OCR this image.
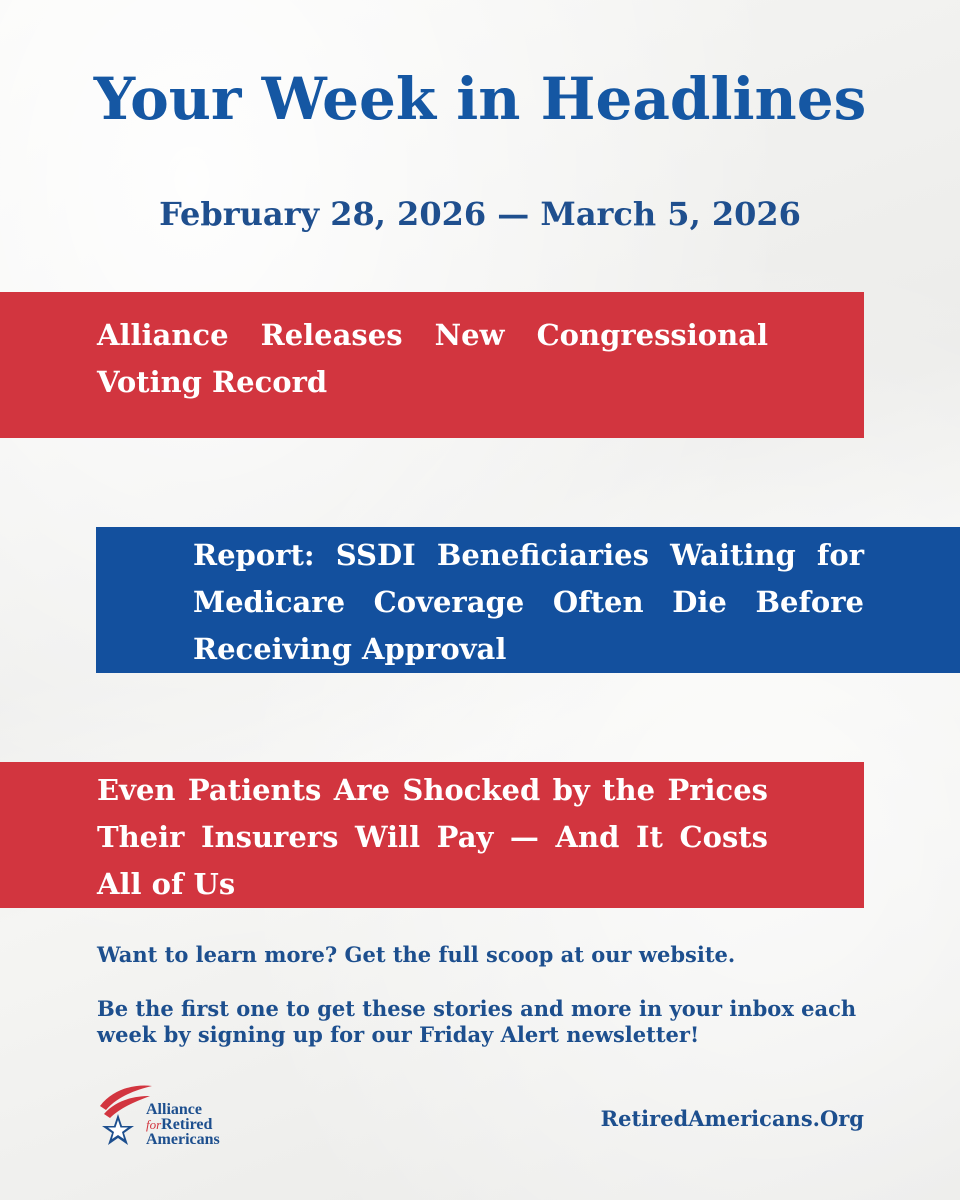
Your Week in Headlines
February 28, 2026 — March 5, 2026
Alliance Releases New Congressional Voting Record
Report: SSDI Beneficiaries Waiting for Medicare Coverage Often Die Before Receiving Approval
Even Patients Are Shocked by the Prices Their Insurers Will Pay — And It Costs All of Us
Want to learn more? Get the full scoop at our website.
Be the first one to get these stories and more in your inbox each week by signing up for our Friday Alert newsletter!
Alliance
forRetired
Americans
RetiredAmericans.Org
